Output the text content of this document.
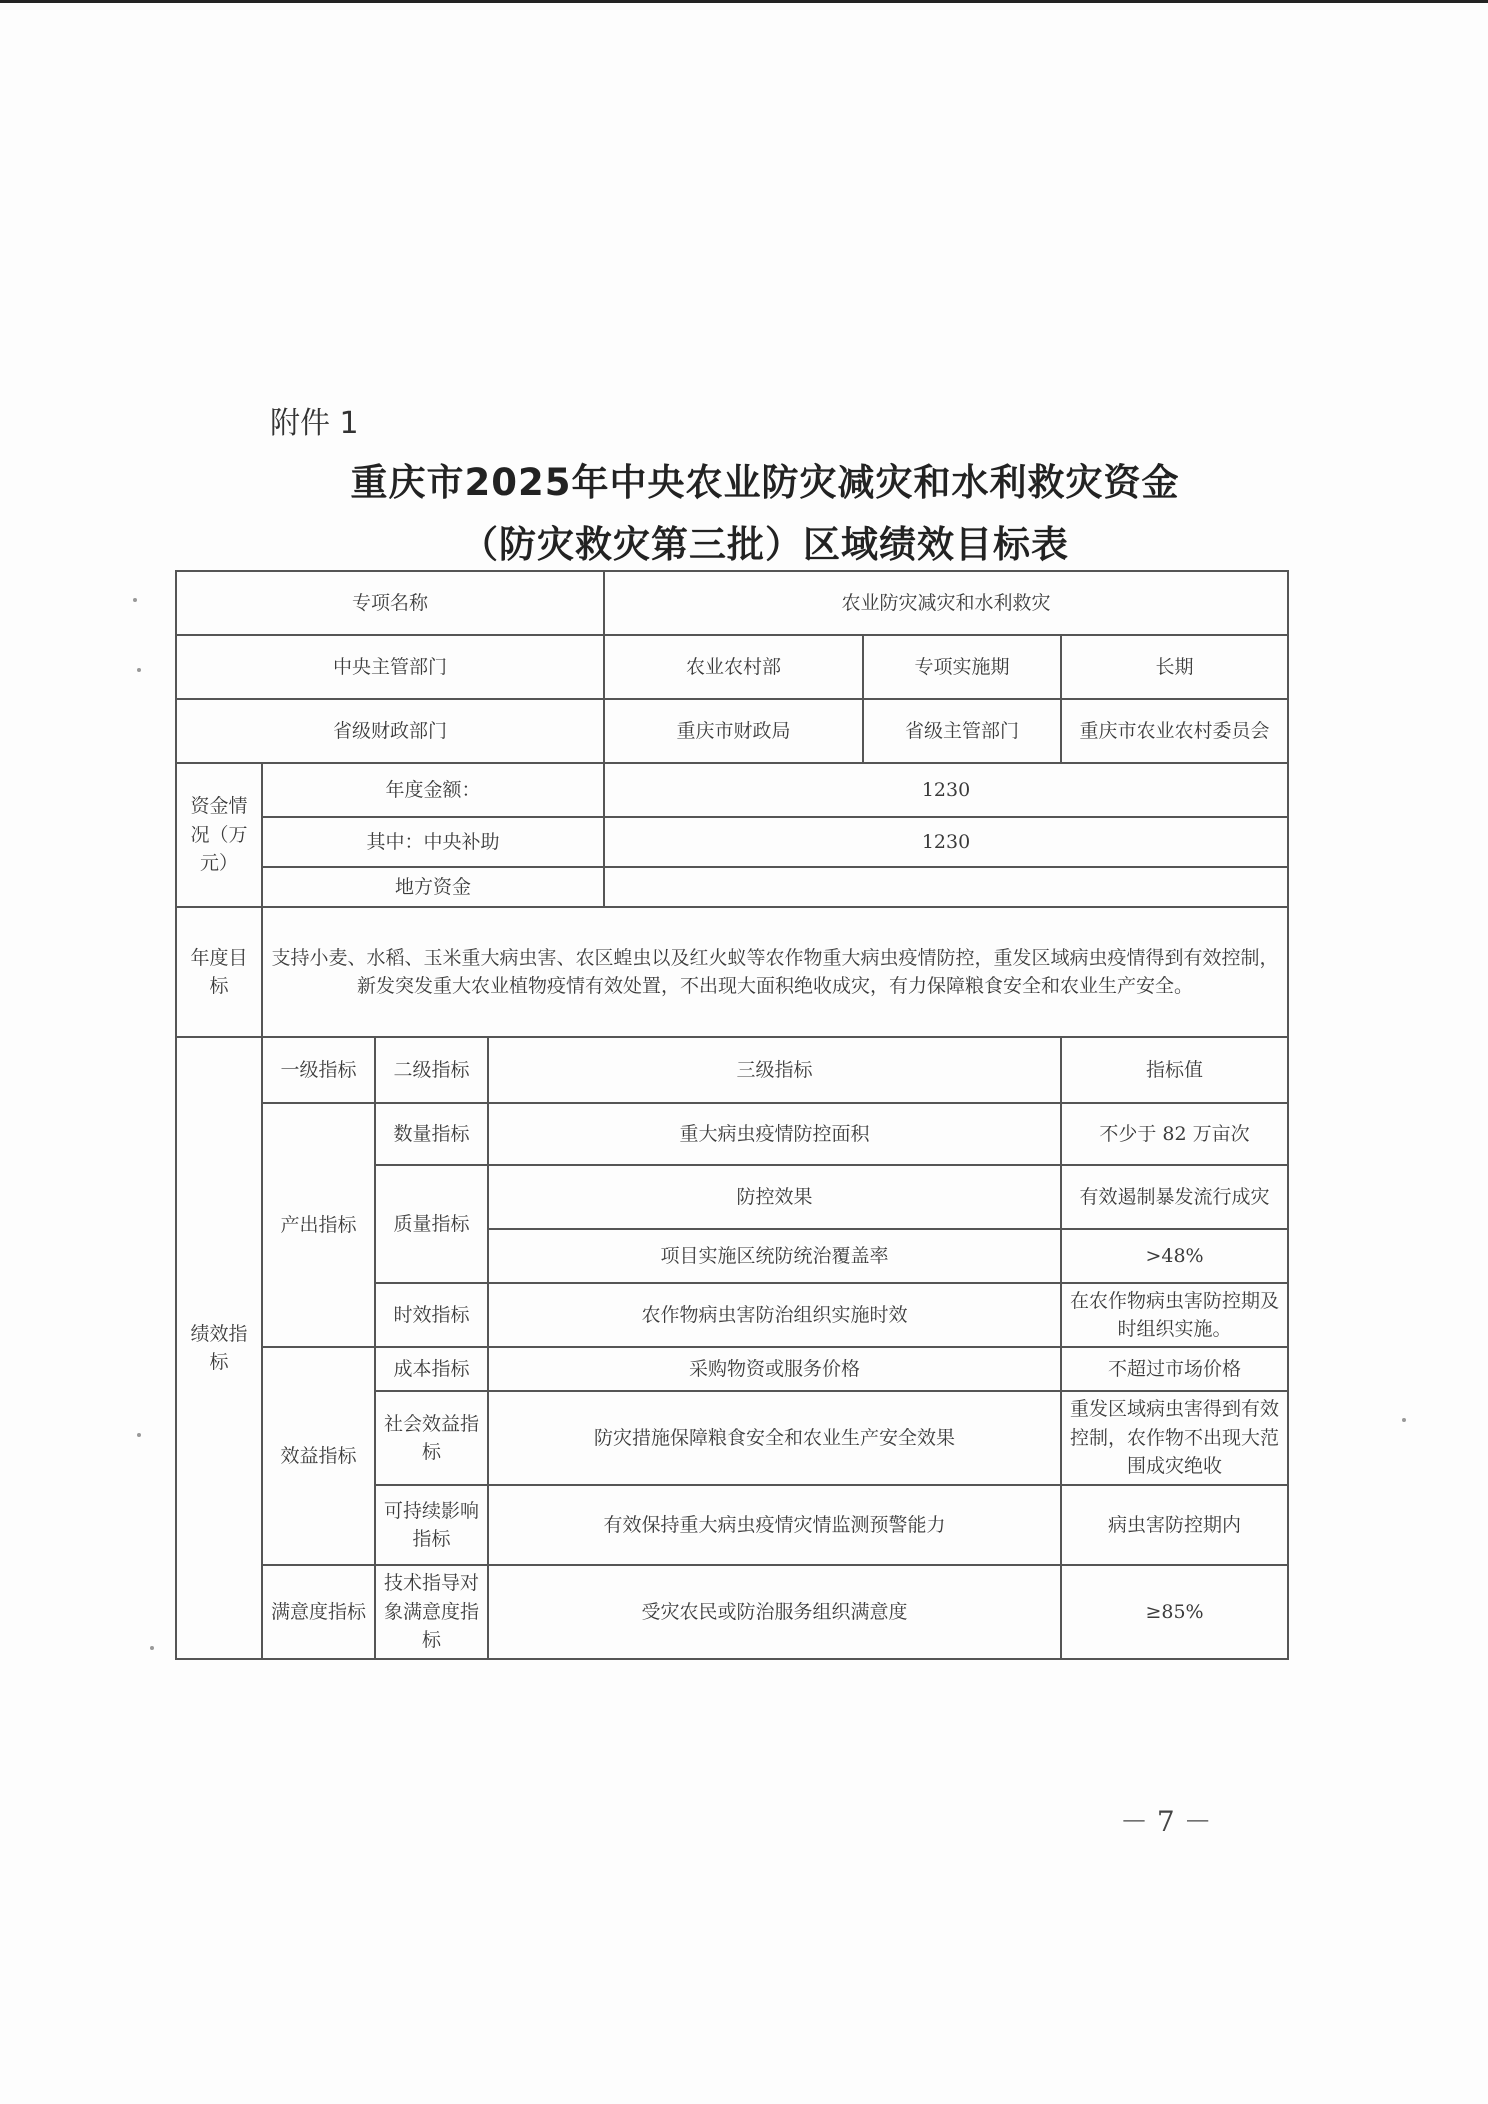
附件 1
重庆市2025年中央农业防灾减灾和水利救灾资金
（防灾救灾第三批）区域绩效目标表
专项名称				农业防灾减灾和水利救灾		
中央主管部门				农业农村部	专项实施期	长期
省级财政部门				重庆市财政局	省级主管部门	重庆市农业农村委员会
资金情况（万元）	年度金额：			1230		
	其中：中央补助			1230		
	地方资金					
年度目标	支持小麦、水稻、玉米重大病虫害、农区蝗虫以及红火蚁等农作物重大病虫疫情防控，重发区域病虫疫情得到有效控制，新发突发重大农业植物疫情有效处置，不出现大面积绝收成灾，有力保障粮食安全和农业生产安全。					
绩效指标	一级指标	二级指标	三级指标			指标值
	产出指标	数量指标	重大病虫疫情防控面积			不少于 82 万亩次
		质量指标	防控效果			有效遏制暴发流行成灾
			项目实施区统防统治覆盖率			>48%
		时效指标	农作物病虫害防治组织实施时效			在农作物病虫害防控期及时组织实施。
	效益指标	成本指标	采购物资或服务价格			不超过市场价格
		社会效益指标	防灾措施保障粮食安全和农业生产安全效果			重发区域病虫害得到有效控制，农作物不出现大范围成灾绝收
		可持续影响指标	有效保持重大病虫疫情灾情监测预警能力			病虫害防控期内
	满意度指标	技术指导对象满意度指标	受灾农民或防治服务组织满意度			≥85%
－ 7 －
